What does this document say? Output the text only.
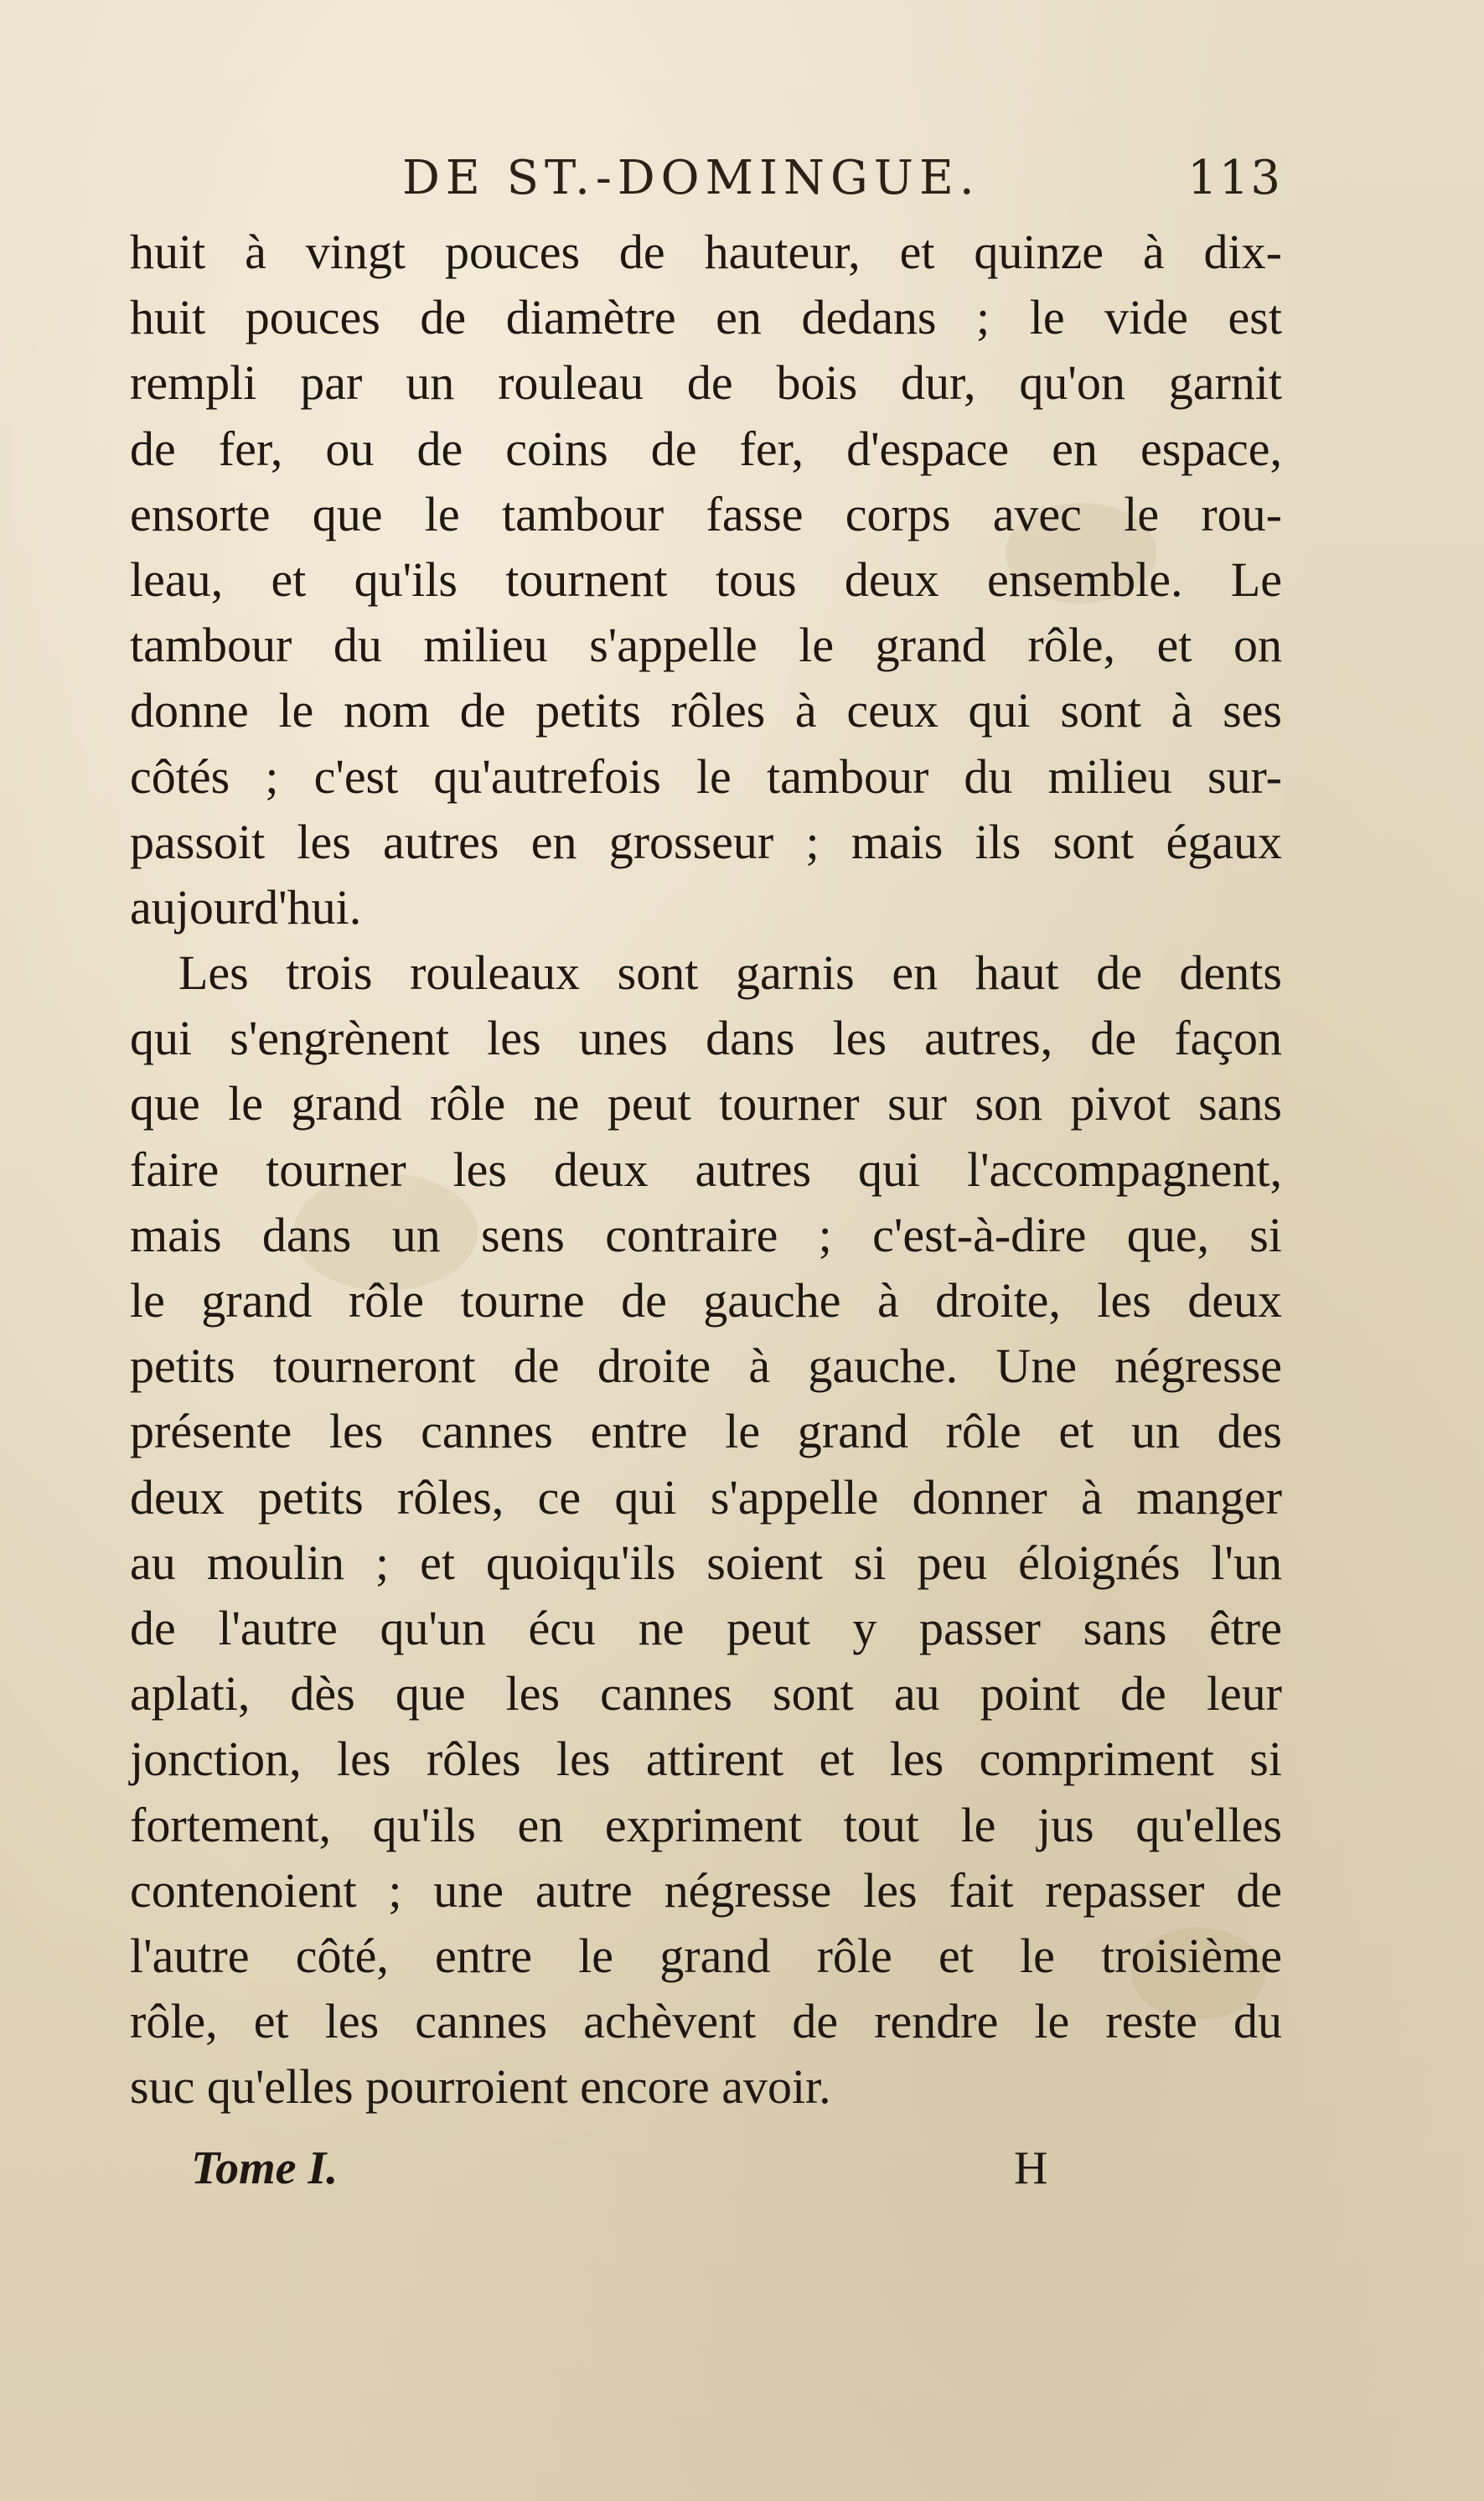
DE ST.-DOMINGUE.	113
huit à vingt pouces de hauteur, et quinze à dix-
huit pouces de diamètre en dedans ; le vide est
rempli par un rouleau de bois dur, qu'on garnit
de fer, ou de coins de fer, d'espace en espace,
ensorte que le tambour fasse corps avec le rou-
leau, et qu'ils tournent tous deux ensemble. Le
tambour du milieu s'appelle le grand rôle, et on
donne le nom de petits rôles à ceux qui sont à ses
côtés ; c'est qu'autrefois le tambour du milieu sur-
passoit les autres en grosseur ; mais ils sont égaux
aujourd'hui.
Les trois rouleaux sont garnis en haut de dents
qui s'engrènent les unes dans les autres, de façon
que le grand rôle ne peut tourner sur son pivot sans
faire tourner les deux autres qui l'accompagnent,
mais dans un sens contraire ; c'est-à-dire que, si
le grand rôle tourne de gauche à droite, les deux
petits tourneront de droite à gauche. Une négresse
présente les cannes entre le grand rôle et un des
deux petits rôles, ce qui s'appelle donner à manger
au moulin ; et quoiqu'ils soient si peu éloignés l'un
de l'autre qu'un écu ne peut y passer sans être
aplati, dès que les cannes sont au point de leur
jonction, les rôles les attirent et les compriment si
fortement, qu'ils en expriment tout le jus qu'elles
contenoient ; une autre négresse les fait repasser de
l'autre côté, entre le grand rôle et le troisième
rôle, et les cannes achèvent de rendre le reste du
suc qu'elles pourroient encore avoir.
Tome I.	H
